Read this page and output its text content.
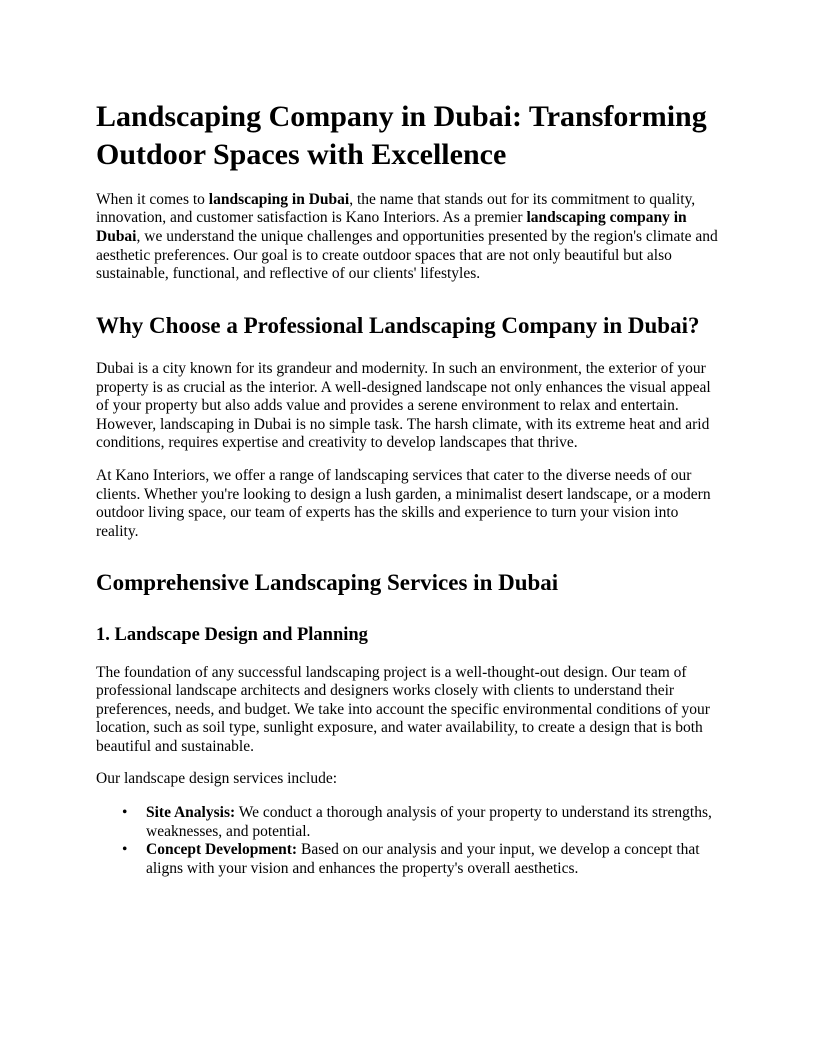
Landscaping Company in Dubai: Transforming Outdoor Spaces with Excellence

When it comes to landscaping in Dubai, the name that stands out for its commitment to quality, innovation, and customer satisfaction is Kano Interiors. As a premier landscaping company in Dubai, we understand the unique challenges and opportunities presented by the region's climate and aesthetic preferences. Our goal is to create outdoor spaces that are not only beautiful but also sustainable, functional, and reflective of our clients' lifestyles.

Why Choose a Professional Landscaping Company in Dubai?

Dubai is a city known for its grandeur and modernity. In such an environment, the exterior of your property is as crucial as the interior. A well-designed landscape not only enhances the visual appeal of your property but also adds value and provides a serene environment to relax and entertain. However, landscaping in Dubai is no simple task. The harsh climate, with its extreme heat and arid conditions, requires expertise and creativity to develop landscapes that thrive.

At Kano Interiors, we offer a range of landscaping services that cater to the diverse needs of our clients. Whether you're looking to design a lush garden, a minimalist desert landscape, or a modern outdoor living space, our team of experts has the skills and experience to turn your vision into reality.

Comprehensive Landscaping Services in Dubai
1. Landscape Design and Planning

The foundation of any successful landscaping project is a well-thought-out design. Our team of professional landscape architects and designers works closely with clients to understand their preferences, needs, and budget. We take into account the specific environmental conditions of your location, such as soil type, sunlight exposure, and water availability, to create a design that is both beautiful and sustainable.

Our landscape design services include:

• Site Analysis: We conduct a thorough analysis of your property to understand its strengths, weaknesses, and potential.
• Concept Development: Based on our analysis and your input, we develop a concept that aligns with your vision and enhances the property's overall aesthetics.
